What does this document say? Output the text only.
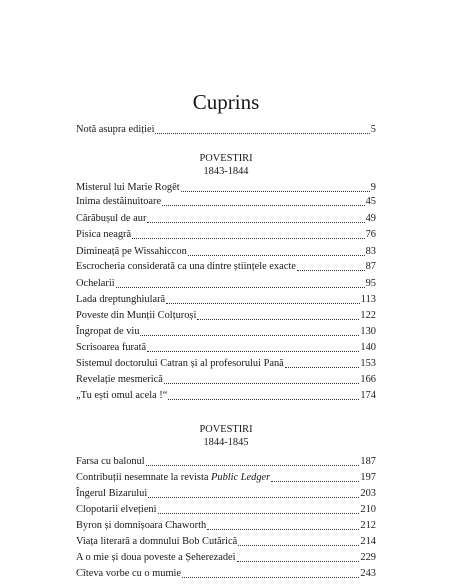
Cuprins
Notă asupra ediției	5
POVESTIRI
1843-1844
Misterul lui Marie Rogêt	9
Inima destăinuitoare	45
Cărăbușul de aur	49
Pisica neagră	76
Dimineață pe Wissahiccon	83
Escrocheria considerată ca una dintre științele exacte	87
Ochelarii	95
Lada dreptunghiulară	113
Poveste din Munții Colțuroși	122
Îngropat de viu	130
Scrisoarea furată	140
Sistemul doctorului Catran și al profesorului Pană	153
Revelație mesmerică	166
„Tu ești omul acela !“	174
POVESTIRI
1844-1845
Farsa cu balonul	187
Contribuții nesemnate la revista Public Ledger	197
Îngerul Bizarului	203
Clopotarii elvețieni	210
Byron și domnișoara Chaworth	212
Viața literară a domnului Bob Cutărică	214
A o mie și doua poveste a Șeherezadei	229
Cîteva vorbe cu o mumie	243
